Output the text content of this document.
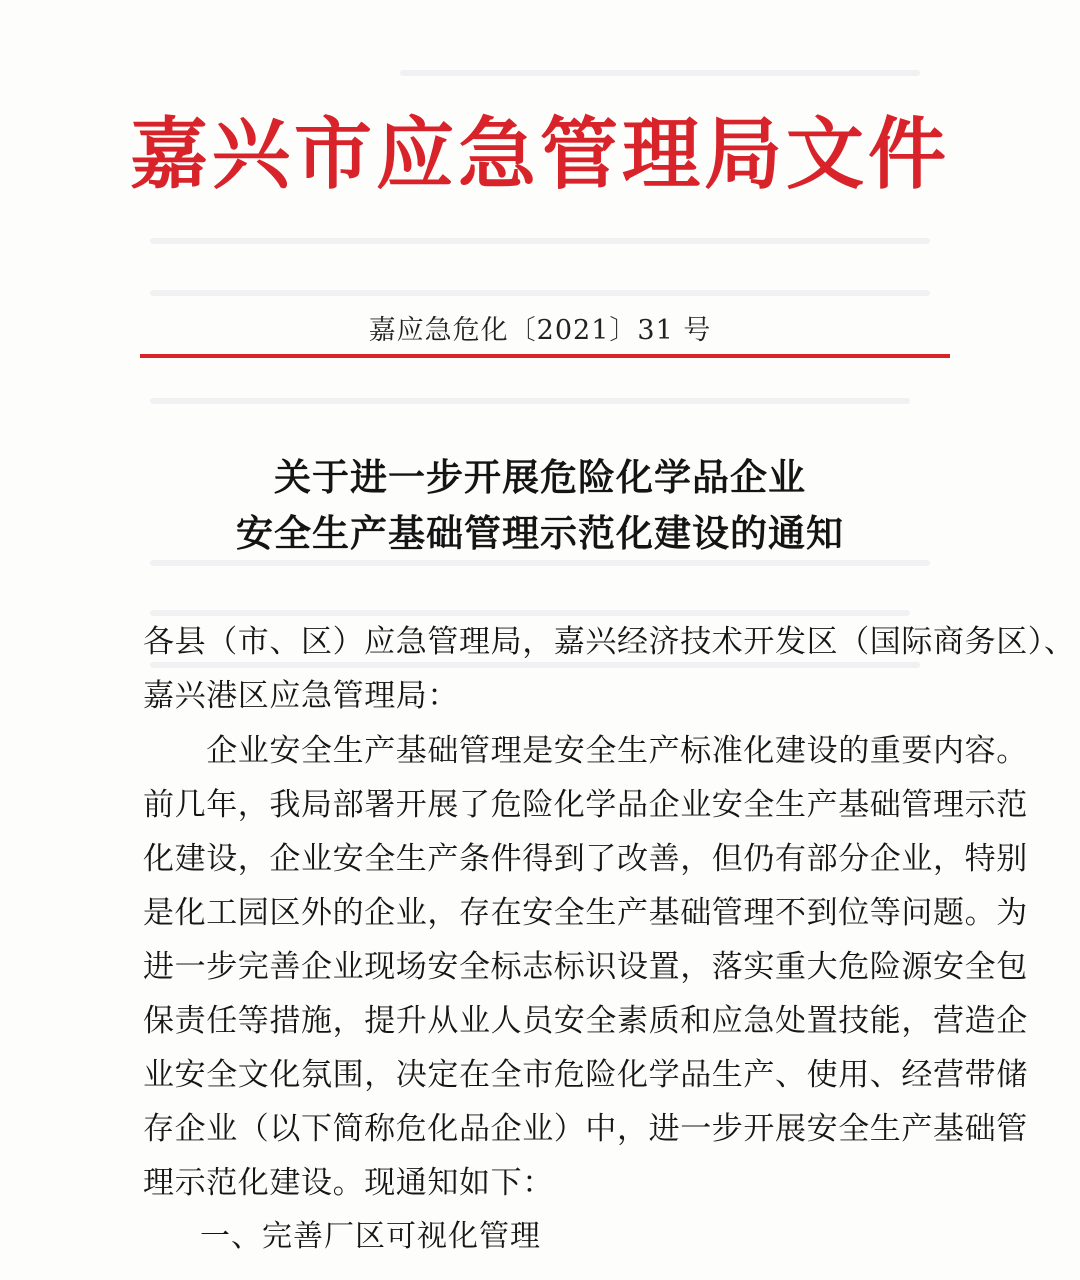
嘉兴市应急管理局文件
嘉应急危化〔2021〕31 号
关于进一步开展危险化学品企业
安全生产基础管理示范化建设的通知
各县（市、区）应急管理局，嘉兴经济技术开发区（国际商务区）、
嘉兴港区应急管理局：
　　企业安全生产基础管理是安全生产标准化建设的重要内容。
前几年，我局部署开展了危险化学品企业安全生产基础管理示范
化建设，企业安全生产条件得到了改善，但仍有部分企业，特别
是化工园区外的企业，存在安全生产基础管理不到位等问题。为
进一步完善企业现场安全标志标识设置，落实重大危险源安全包
保责任等措施，提升从业人员安全素质和应急处置技能，营造企
业安全文化氛围，决定在全市危险化学品生产、使用、经营带储
存企业（以下简称危化品企业）中，进一步开展安全生产基础管
理示范化建设。现通知如下：
一、完善厂区可视化管理
